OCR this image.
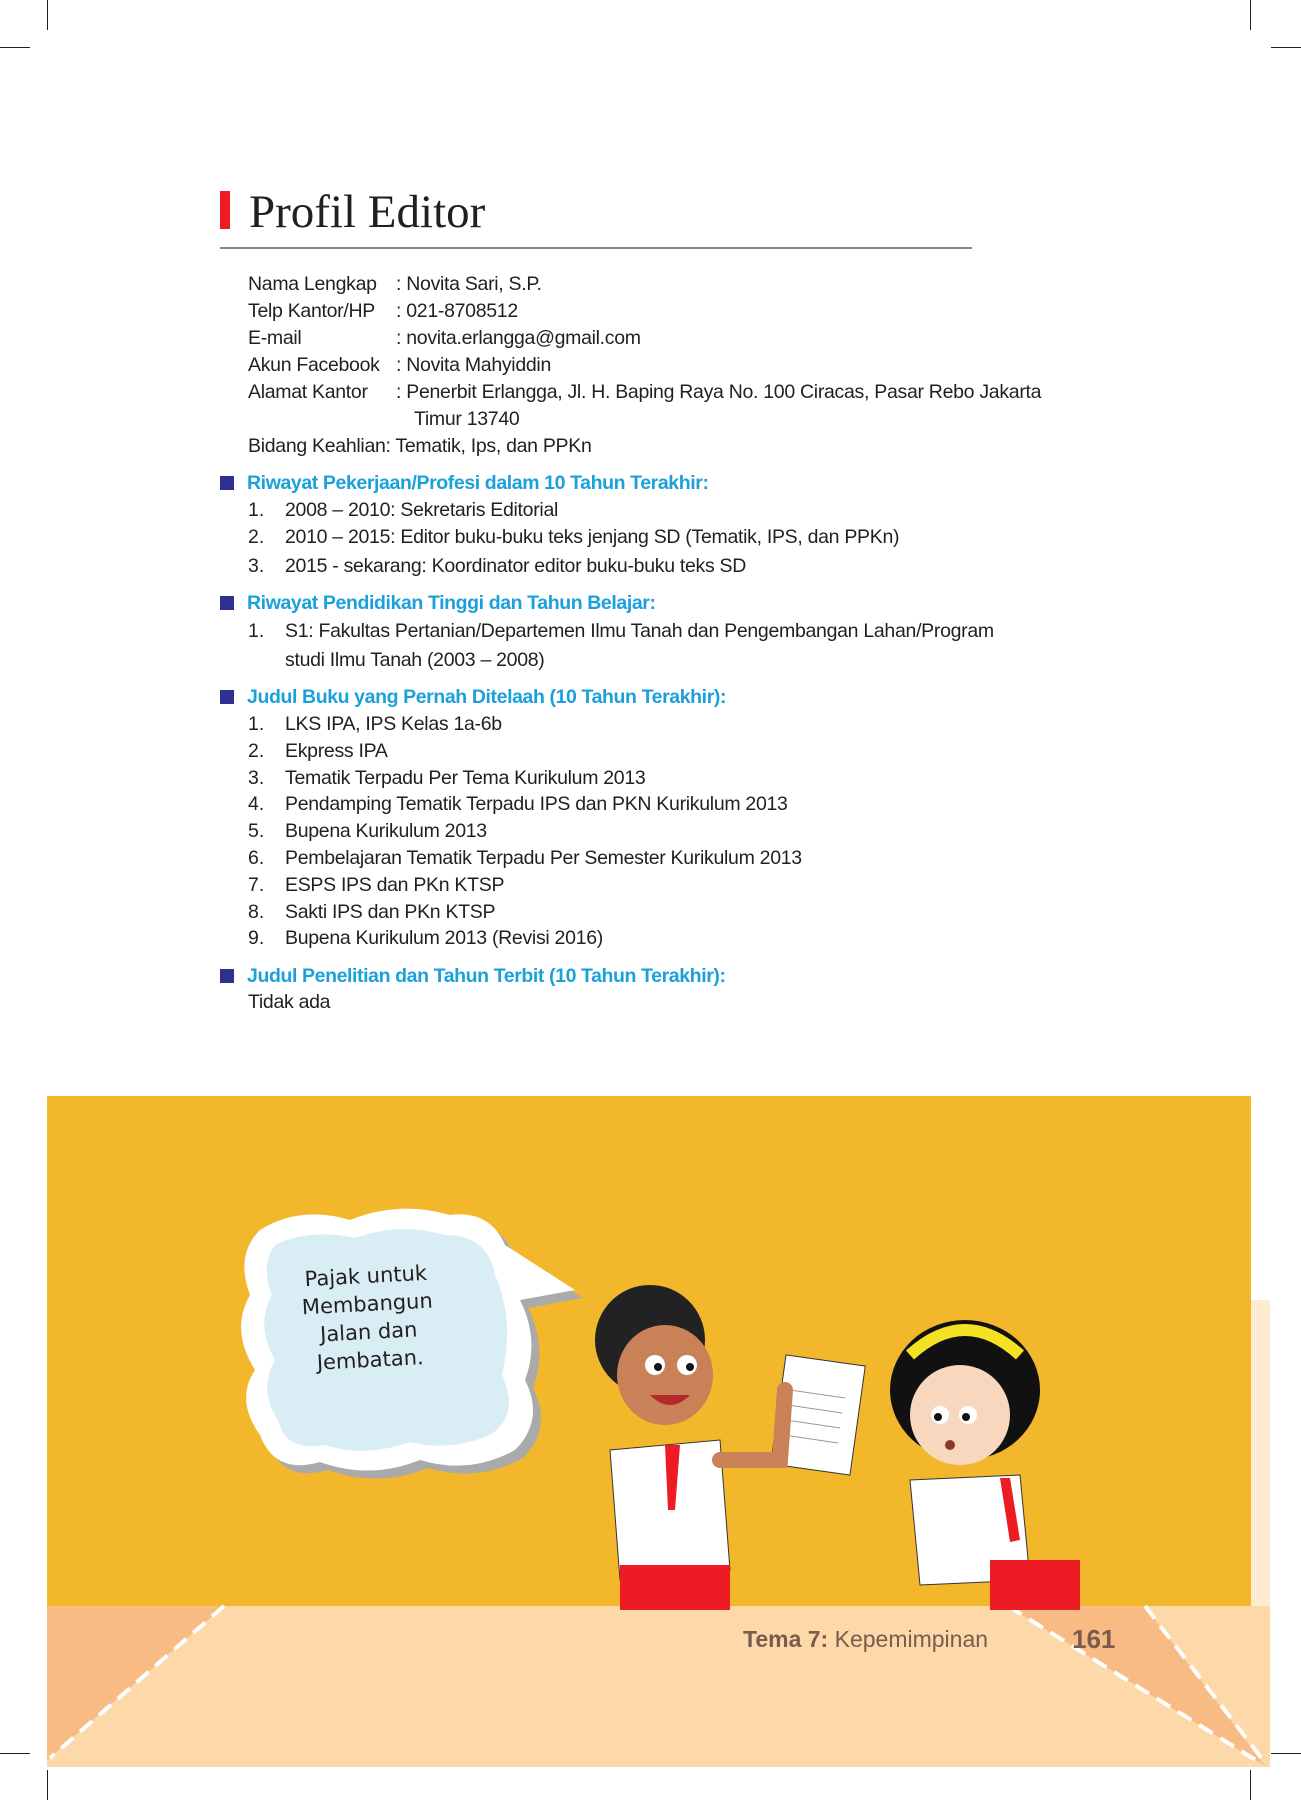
Profil Editor
Nama Lengkap : Novita Sari, S.P.
Telp Kantor/HP : 021-8708512
E-mail	: novita.erlangga@gmail.com
Akun Facebook : Novita Mahyiddin
Alamat Kantor : Penerbit Erlangga, Jl. H. Baping Raya No. 100 Ciracas, Pasar Rebo Jakarta
Timur 13740
Bidang Keahlian: Tematik, Ips, dan PPKn
Riwayat Pekerjaan/Profesi dalam 10 Tahun Terakhir:
1. 2008 – 2010: Sekretaris Editorial
2. 2010 – 2015: Editor buku-buku teks jenjang SD (Tematik, IPS, dan PPKn)
3. 2015 - sekarang: Koordinator editor buku-buku teks SD
Riwayat Pendidikan Tinggi dan Tahun Belajar:
1. S1: Fakultas Pertanian/Departemen Ilmu Tanah dan Pengembangan Lahan/Program
studi Ilmu Tanah (2003 – 2008)
Judul Buku yang Pernah Ditelaah (10 Tahun Terakhir):
1. LKS IPA, IPS Kelas 1a-6b
2. Ekpress IPA
3. Tematik Terpadu Per Tema Kurikulum 2013
4. Pendamping Tematik Terpadu IPS dan PKN Kurikulum 2013
5. Bupena Kurikulum 2013
6. Pembelajaran Tematik Terpadu Per Semester Kurikulum 2013
7. ESPS IPS dan PKn KTSP
8. Sakti IPS dan PKn KTSP
9. Bupena Kurikulum 2013 (Revisi 2016)
Judul Penelitian dan Tahun Terbit (10 Tahun Terakhir):
Tidak ada
Pajak untuk
Membangun
Jalan dan
Jembatan.
Tema 7: Kepemimpinan	161
